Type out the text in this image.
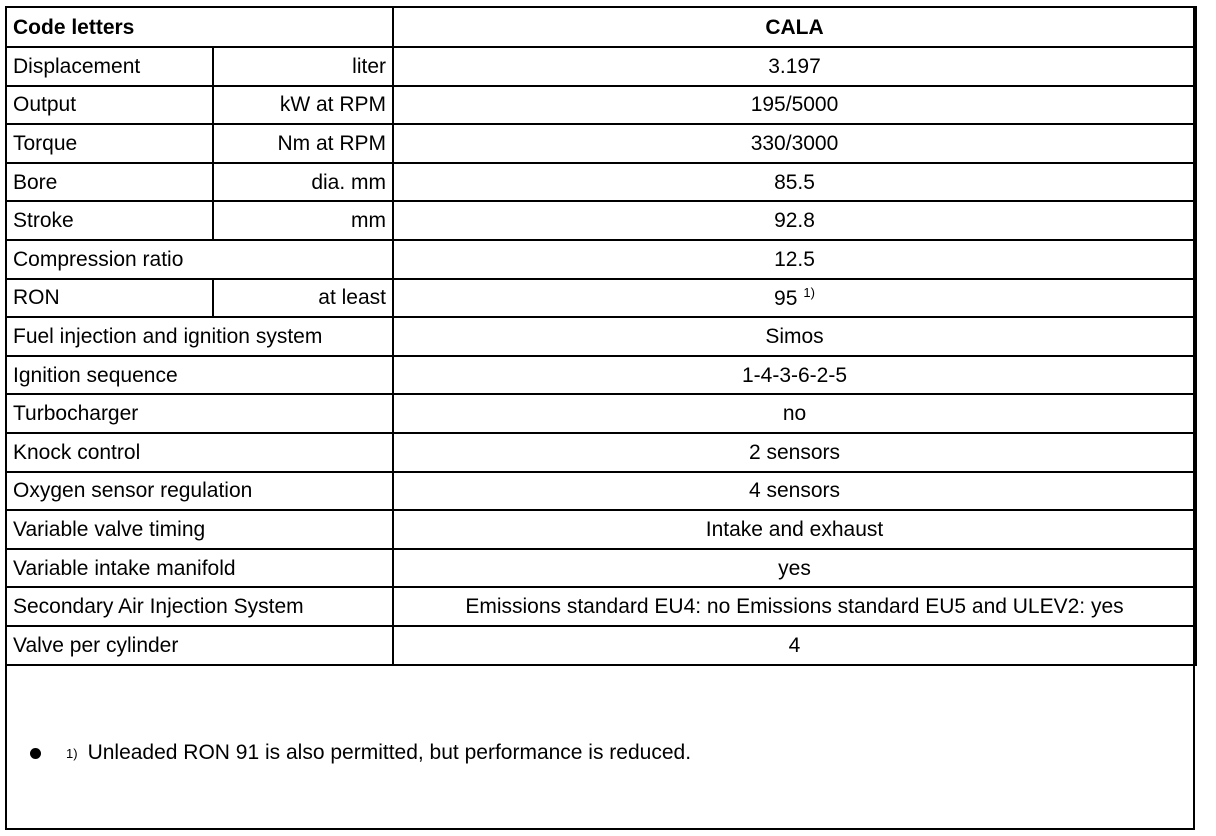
Code letters		CALA
Displacement	liter	3.197
Output	kW at RPM	195/5000
Torque	Nm at RPM	330/3000
Bore	dia. mm	85.5
Stroke	mm	92.8
Compression ratio		12.5
RON	at least	95 $^{1)}$
Fuel injection and ignition system		Simos
Ignition sequence		1-4-3-6-2-5
Turbocharger		no
Knock control		2 sensors
Oxygen sensor regulation		4 sensors
Variable valve timing		Intake and exhaust
Variable intake manifold		yes
Secondary Air Injection System		Emissions standard EU4: no Emissions standard EU5 and ULEV2: yes
Valve per cylinder		4
1) Unleaded RON 91 is also permitted, but performance is reduced.
